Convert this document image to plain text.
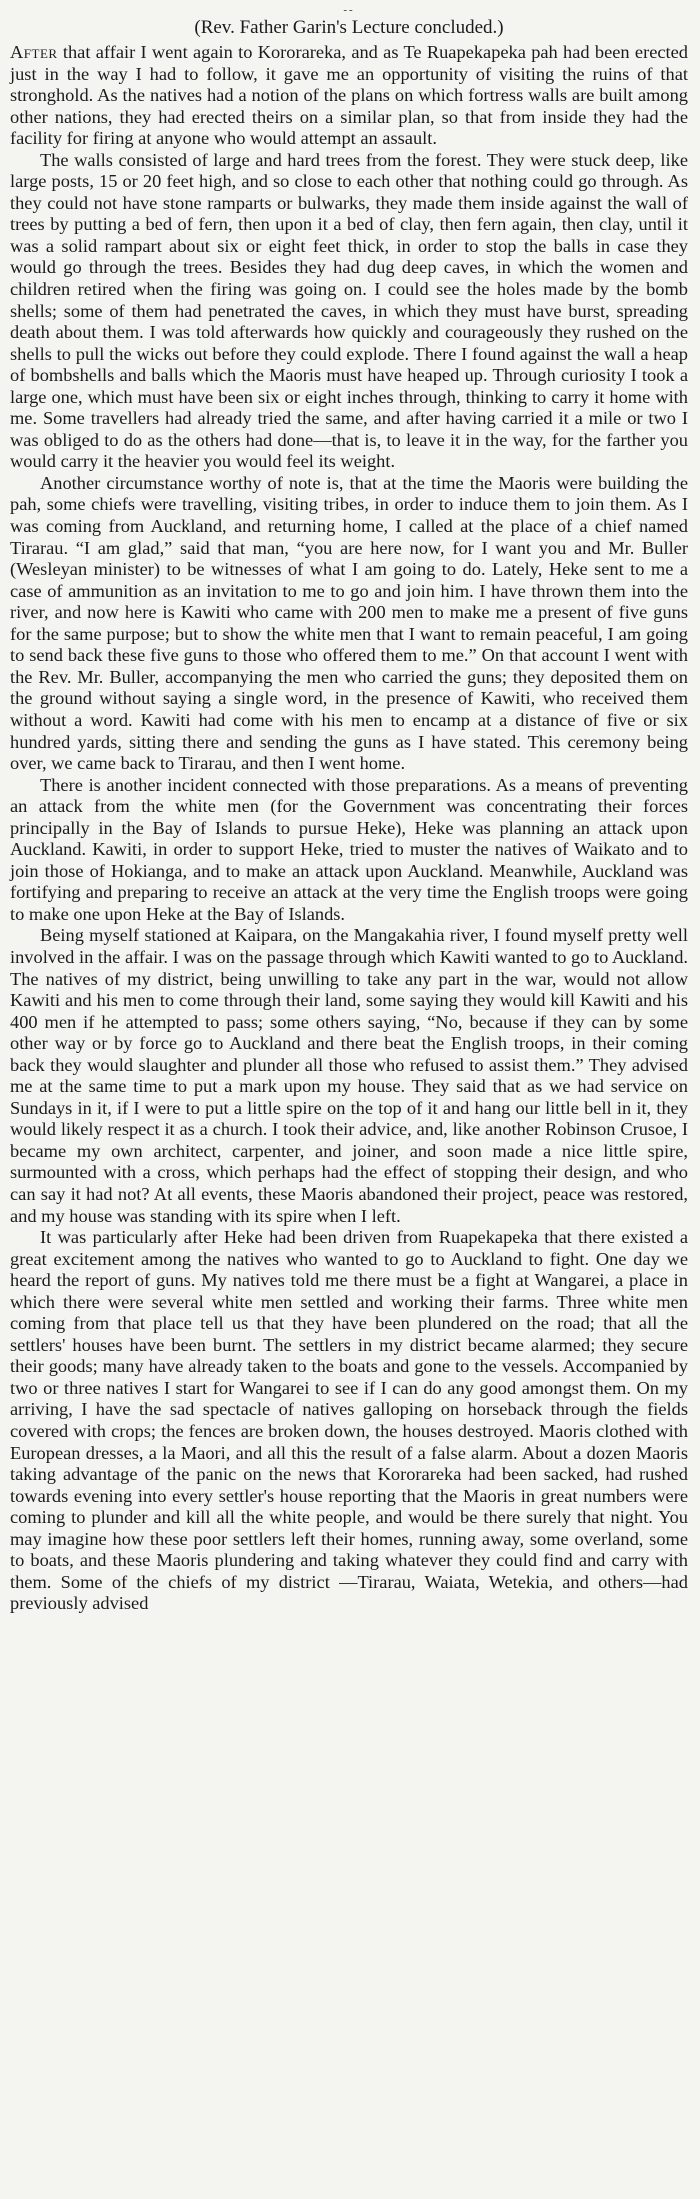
--
(Rev. Father Garin's Lecture concluded.)

After that affair I went again to Kororareka, and as Te Ruapekapeka pah had been erected just in the way I had to follow, it gave me an opportunity of visiting the ruins of that stronghold. As the natives had a notion of the plans on which fortress walls are built among other nations, they had erected theirs on a similar plan, so that from inside they had the facility for firing at anyone who would attempt an assault.

The walls consisted of large and hard trees from the forest. They were stuck deep, like large posts, 15 or 20 feet high, and so close to each other that nothing could go through. As they could not have stone ramparts or bulwarks, they made them inside against the wall of trees by putting a bed of fern, then upon it a bed of clay, then fern again, then clay, until it was a solid rampart about six or eight feet thick, in order to stop the balls in case they would go through the trees. Besides they had dug deep caves, in which the women and children retired when the firing was going on. I could see the holes made by the bomb shells; some of them had penetrated the caves, in which they must have burst, spreading death about them. I was told afterwards how quickly and courageously they rushed on the shells to pull the wicks out before they could explode. There I found against the wall a heap of bombshells and balls which the Maoris must have heaped up. Through curiosity I took a large one, which must have been six or eight inches through, thinking to carry it home with me. Some travellers had already tried the same, and after having carried it a mile or two I was obliged to do as the others had done—that is, to leave it in the way, for the farther you would carry it the heavier you would feel its weight.

Another circumstance worthy of note is, that at the time the Maoris were building the pah, some chiefs were travelling, visiting tribes, in order to induce them to join them. As I was coming from Auckland, and returning home, I called at the place of a chief named Tirarau. “I am glad,” said that man, “you are here now, for I want you and Mr. Buller (Wesleyan minister) to be witnesses of what I am going to do. Lately, Heke sent to me a case of ammunition as an invitation to me to go and join him. I have thrown them into the river, and now here is Kawiti who came with 200 men to make me a present of five guns for the same purpose; but to show the white men that I want to remain peaceful, I am going to send back these five guns to those who offered them to me.” On that account I went with the Rev. Mr. Buller, accompanying the men who carried the guns; they deposited them on the ground without saying a single word, in the presence of Kawiti, who received them without a word. Kawiti had come with his men to encamp at a distance of five or six hundred yards, sitting there and sending the guns as I have stated. This ceremony being over, we came back to Tirarau, and then I went home.

There is another incident connected with those preparations. As a means of preventing an attack from the white men (for the Government was concentrating their forces principally in the Bay of Islands to pursue Heke), Heke was planning an attack upon Auckland. Kawiti, in order to support Heke, tried to muster the natives of Waikato and to join those of Hokianga, and to make an attack upon Auckland. Meanwhile, Auckland was fortifying and preparing to receive an attack at the very time the English troops were going to make one upon Heke at the Bay of Islands.

Being myself stationed at Kaipara, on the Mangakahia river, I found myself pretty well involved in the affair. I was on the passage through which Kawiti wanted to go to Auckland. The natives of my district, being unwilling to take any part in the war, would not allow Kawiti and his men to come through their land, some saying they would kill Kawiti and his 400 men if he attempted to pass; some others saying, “No, because if they can by some other way or by force go to Auckland and there beat the English troops, in their coming back they would slaughter and plunder all those who refused to assist them.” They advised me at the same time to put a mark upon my house. They said that as we had service on Sundays in it, if I were to put a little spire on the top of it and hang our little bell in it, they would likely respect it as a church. I took their advice, and, like another Robinson Crusoe, I became my own architect, carpenter, and joiner, and soon made a nice little spire, surmounted with a cross, which perhaps had the effect of stopping their design, and who can say it had not? At all events, these Maoris abandoned their project, peace was restored, and my house was standing with its spire when I left.

It was particularly after Heke had been driven from Ruapekapeka that there existed a great excitement among the natives who wanted to go to Auckland to fight. One day we heard the report of guns. My natives told me there must be a fight at Wangarei, a place in which there were several white men settled and working their farms. Three white men coming from that place tell us that they have been plundered on the road; that all the settlers' houses have been burnt. The settlers in my district became alarmed; they secure their goods; many have already taken to the boats and gone to the vessels. Accompanied by two or three natives I start for Wangarei to see if I can do any good amongst them. On my arriving, I have the sad spectacle of natives galloping on horseback through the fields covered with crops; the fences are broken down, the houses destroyed. Maoris clothed with European dresses, a la Maori, and all this the result of a false alarm. About a dozen Maoris taking advantage of the panic on the news that Kororareka had been sacked, had rushed towards evening into every settler's house reporting that the Maoris in great numbers were coming to plunder and kill all the white people, and would be there surely that night. You may imagine how these poor settlers left their homes, running away, some overland, some to boats, and these Maoris plundering and taking whatever they could find and carry with them. Some of the chiefs of my district —Tirarau, Waiata, Wetekia, and others—had previously advised
